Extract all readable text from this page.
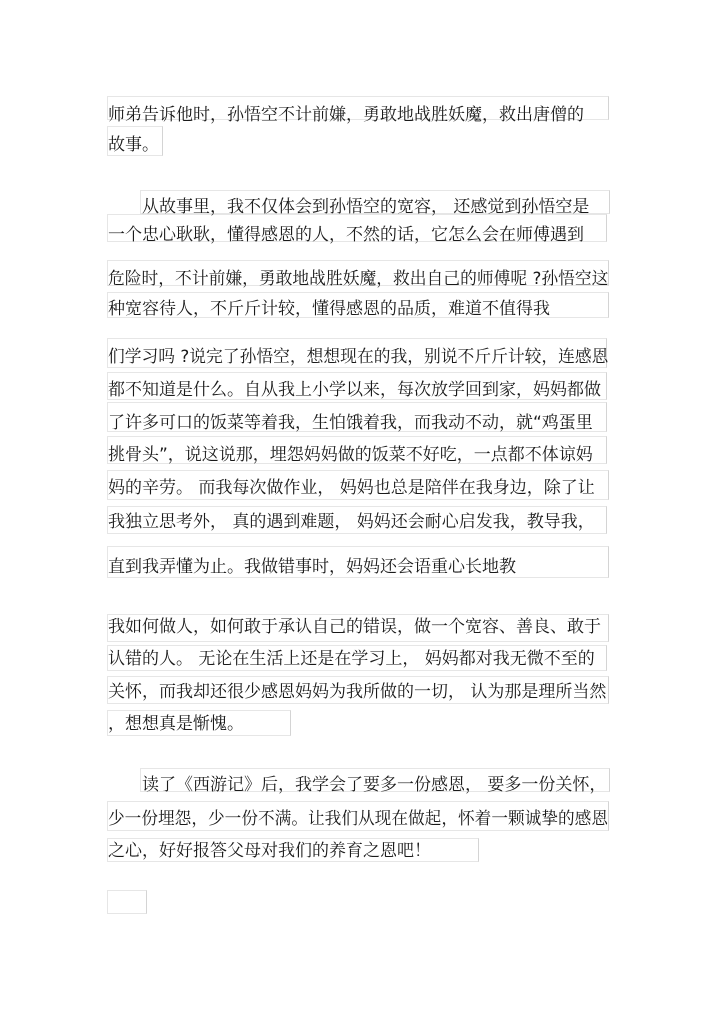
师弟告诉他时，孙悟空不计前嫌，勇敢地战胜妖魔，救出唐僧的
故事。
从故事里，我不仅体会到孙悟空的宽容， 还感觉到孙悟空是
一个忠心耿耿，懂得感恩的人，不然的话，它怎么会在师傅遇到
危险时，不计前嫌，勇敢地战胜妖魔，救出自己的师傅呢 ?孙悟空这
种宽容待人，不斤斤计较，懂得感恩的品质，难道不值得我
们学习吗 ?说完了孙悟空，想想现在的我，别说不斤斤计较，连感恩
都不知道是什么。自从我上小学以来，每次放学回到家，妈妈都做
了许多可口的饭菜等着我，生怕饿着我，而我动不动，就“鸡蛋里
挑骨头”，说这说那，埋怨妈妈做的饭菜不好吃，一点都不体谅妈
妈的辛劳。 而我每次做作业， 妈妈也总是陪伴在我身边，除了让
我独立思考外， 真的遇到难题， 妈妈还会耐心启发我，教导我，
直到我弄懂为止。我做错事时，妈妈还会语重心长地教
我如何做人，如何敢于承认自己的错误，做一个宽容、善良、敢于
认错的人。 无论在生活上还是在学习上， 妈妈都对我无微不至的
关怀，而我却还很少感恩妈妈为我所做的一切， 认为那是理所当然
，想想真是惭愧。
读了《西游记》后，我学会了要多一份感恩， 要多一份关怀，
少一份埋怨，少一份不满。让我们从现在做起，怀着一颗诚挚的感恩
之心，好好报答父母对我们的养育之恩吧！
